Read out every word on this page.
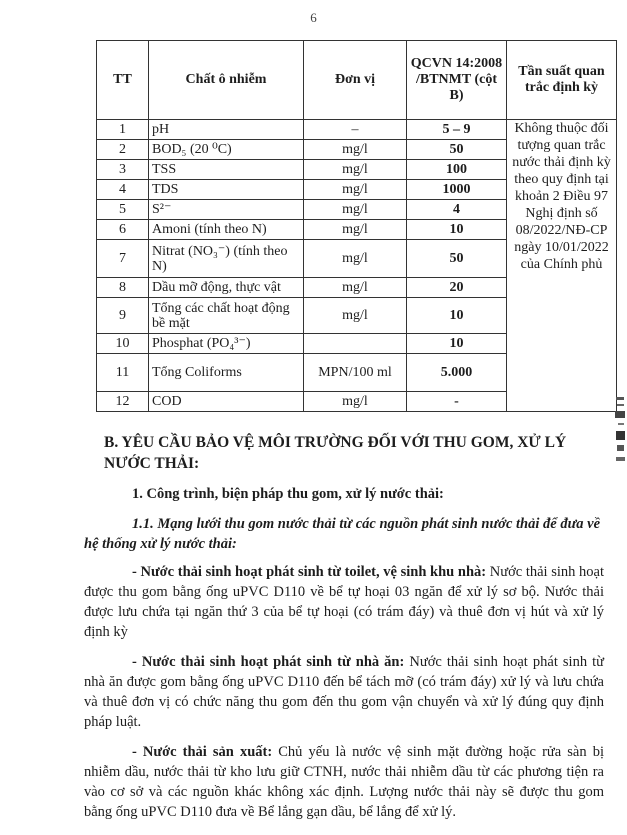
6
TT	Chất ô nhiễm	Đơn vị	QCVN 14:2008 /BTNMT (cột B)	Tần suất quan trắc định kỳ
1	pH	–	5 – 9	Không thuộc đối tượng quan trắc nước thải định kỳ theo quy định tại khoản 2 Điều 97 Nghị định số 08/2022/NĐ-CP ngày 10/01/2022 của Chính phủ
2	BOD₅ (20 ⁰C)	mg/l	50	
3	TSS	mg/l	100	
4	TDS	mg/l	1000	
5	S²⁻	mg/l	4	
6	Amoni (tính theo N)	mg/l	10	
7	Nitrat (NO₃⁻) (tính theo N)	mg/l	50	
8	Dầu mỡ động, thực vật	mg/l	20	
9	Tổng các chất hoạt động bề mặt	mg/l	10	
10	Phosphat (PO₄³⁻)		10	
11	Tổng Coliforms	MPN/100 ml	5.000	
12	COD	mg/l	-	

B. YÊU CẦU BẢO VỆ MÔI TRƯỜNG ĐỐI VỚI THU GOM, XỬ LÝ NƯỚC THẢI:

1. Công trình, biện pháp thu gom, xử lý nước thải:

1.1. Mạng lưới thu gom nước thải từ các nguồn phát sinh nước thải để đưa về hệ thống xử lý nước thải:

- Nước thải sinh hoạt phát sinh từ toilet, vệ sinh khu nhà: Nước thải sinh hoạt được thu gom bằng ống uPVC D110 về bể tự hoại 03 ngăn để xử lý sơ bộ. Nước thải được lưu chứa tại ngăn thứ 3 của bể tự hoại (có trám đáy) và thuê đơn vị hút và xử lý định kỳ

- Nước thải sinh hoạt phát sinh từ nhà ăn: Nước thải sinh hoạt phát sinh từ nhà ăn được gom bằng ống uPVC D110 đến bể tách mỡ (có trám đáy) xử lý và lưu chứa và thuê đơn vị có chức năng thu gom đến thu gom vận chuyển và xử lý đúng quy định pháp luật.

- Nước thải sản xuất: Chủ yếu là nước vệ sinh mặt đường hoặc rửa sàn bị nhiễm dầu, nước thải từ kho lưu giữ CTNH, nước thải nhiễm dầu từ các phương tiện ra vào cơ sở và các nguồn khác không xác định. Lượng nước thải này sẽ được thu gom bằng ống uPVC D110 đưa về Bể lắng gạn dầu, bể lắng để xử lý.
